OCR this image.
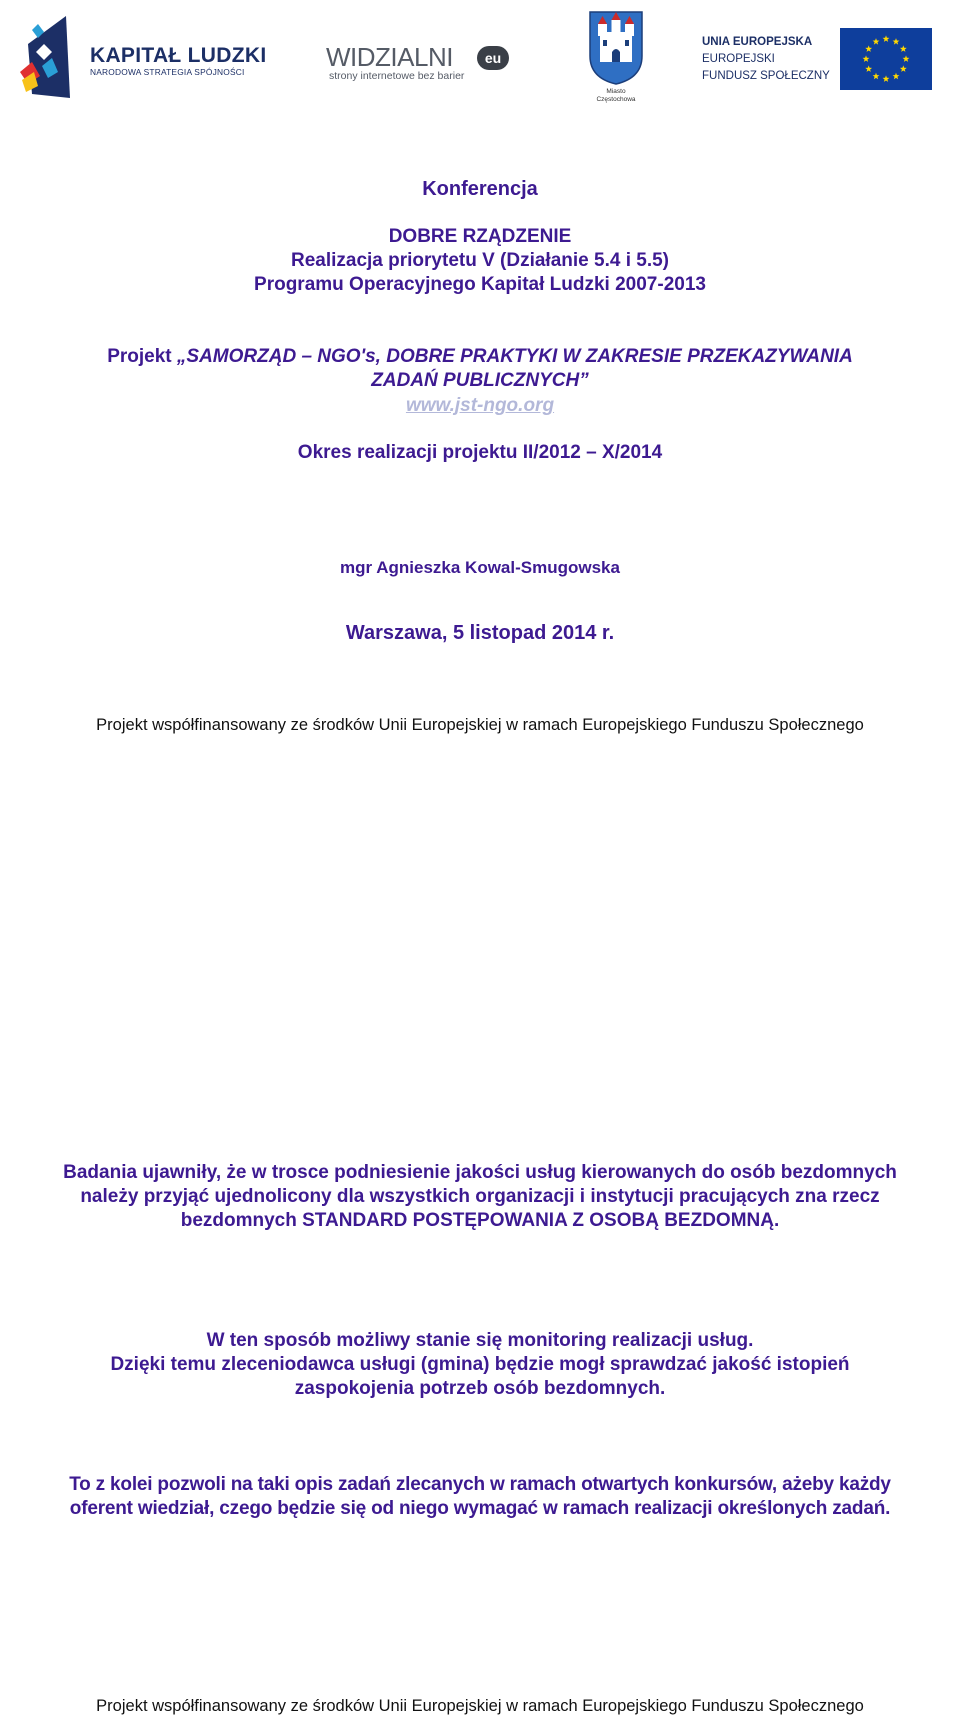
KAPITAŁ LUDZKI
NARODOWA STRATEGIA SPÓJNOŚCI	WIDZIALNI	eu
strony internetowe bez barier
Miasto
Częstochowa
UNIA EUROPEJSKA
EUROPEJSKI
FUNDUSZ SPOŁECZNY
Konferencja
DOBRE RZĄDZENIE
Realizacja priorytetu V (Działanie 5.4 i 5.5)
Programu Operacyjnego Kapitał Ludzki 2007-2013
Projekt „SAMORZĄD – NGO's, DOBRE PRAKTYKI W ZAKRESIE PRZEKAZYWANIA
ZADAŃ PUBLICZNYCH”
www.jst-ngo.org
Okres realizacji projektu II/2012 – X/2014
mgr Agnieszka Kowal-Smugowska
Warszawa, 5 listopad 2014 r.
Projekt współfinansowany ze środków Unii Europejskiej w ramach Europejskiego Funduszu Społecznego
Badania ujawniły, że w trosce podniesienie jakości usług kierowanych do osób bezdomnych
należy przyjąć ujednolicony dla wszystkich organizacji i instytucji pracujących zna rzecz
bezdomnych STANDARD POSTĘPOWANIA Z OSOBĄ BEZDOMNĄ.
W ten sposób możliwy stanie się monitoring realizacji usług.
Dzięki temu zleceniodawca usługi (gmina) będzie mogł sprawdzać jakość istopień
zaspokojenia potrzeb osób bezdomnych.
To z kolei pozwoli na taki opis zadań zlecanych w ramach otwartych konkursów, ażeby każdy
oferent wiedział, czego będzie się od niego wymagać w ramach realizacji określonych zadań.
Projekt współfinansowany ze środków Unii Europejskiej w ramach Europejskiego Funduszu Społecznego
